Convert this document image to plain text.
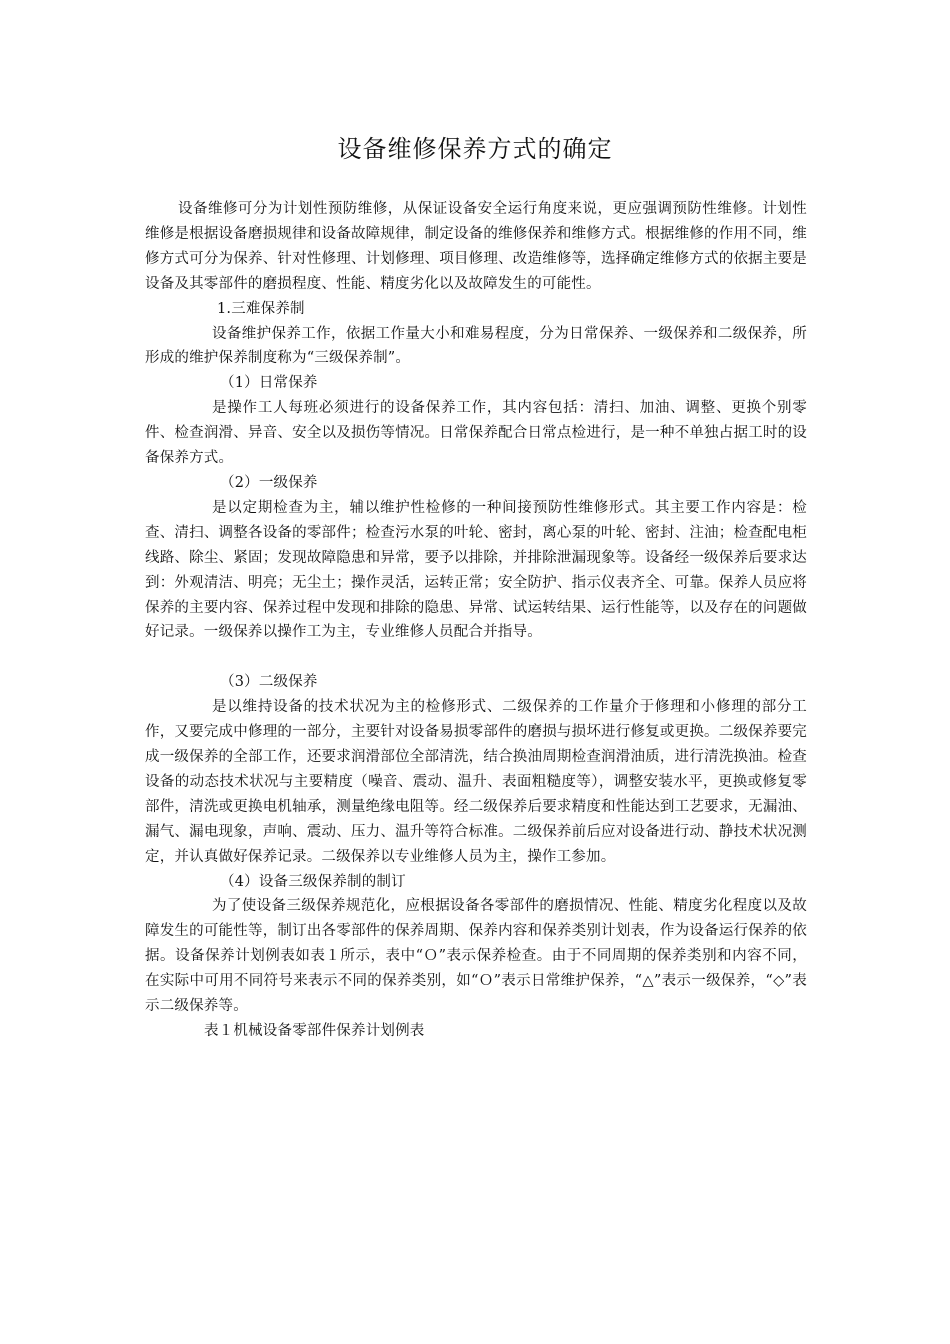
设备维修保养方式的确定

设备维修可分为计划性预防维修，从保证设备安全运行角度来说，更应强调预防性维修。计划性维修是根据设备磨损规律和设备故障规律，制定设备的维修保养和维修方式。根据维修的作用不同，维修方式可分为保养、针对性修理、计划修理、项目修理、改造维修等，选择确定维修方式的依据主要是设备及其零部件的磨损程度、性能、精度劣化以及故障发生的可能性。

1.三难保养制

设备维护保养工作，依据工作量大小和难易程度，分为日常保养、一级保养和二级保养，所形成的维护保养制度称为“三级保养制”。

（1）日常保养

是操作工人每班必须进行的设备保养工作，其内容包括：清扫、加油、调整、更换个别零件、检查润滑、异音、安全以及损伤等情况。日常保养配合日常点检进行，是一种不单独占据工时的设备保养方式。

（2）一级保养

是以定期检查为主，辅以维护性检修的一种间接预防性维修形式。其主要工作内容是：检查、清扫、调整各设备的零部件；检查污水泵的叶轮、密封，离心泵的叶轮、密封、注油；检查配电柜线路、除尘、紧固；发现故障隐患和异常，要予以排除，并排除泄漏现象等。设备经一级保养后要求达到：外观清洁、明亮；无尘土；操作灵活，运转正常；安全防护、指示仪表齐全、可靠。保养人员应将保养的主要内容、保养过程中发现和排除的隐患、异常、试运转结果、运行性能等，以及存在的问题做好记录。一级保养以操作工为主，专业维修人员配合并指导。

（3）二级保养

是以维持设备的技术状况为主的检修形式、二级保养的工作量介于修理和小修理的部分工作，又要完成中修理的一部分，主要针对设备易损零部件的磨损与损坏进行修复或更换。二级保养要完成一级保养的全部工作，还要求润滑部位全部清洗，结合换油周期检查润滑油质，进行清洗换油。检查设备的动态技术状况与主要精度（噪音、震动、温升、表面粗糙度等），调整安装水平，更换或修复零部件，清洗或更换电机轴承，测量绝缘电阻等。经二级保养后要求精度和性能达到工艺要求，无漏油、漏气、漏电现象，声响、震动、压力、温升等符合标准。二级保养前后应对设备进行动、静技术状况测定，并认真做好保养记录。二级保养以专业维修人员为主，操作工参加。

（4）设备三级保养制的制订

为了使设备三级保养规范化，应根据设备各零部件的磨损情况、性能、精度劣化程度以及故障发生的可能性等，制订出各零部件的保养周期、保养内容和保养类别计划表，作为设备运行保养的依据。设备保养计划例表如表１所示，表中“Ｏ”表示保养检查。由于不同周期的保养类别和内容不同，在实际中可用不同符号来表示不同的保养类别，如“Ｏ”表示日常维护保养，“△”表示一级保养，“◇”表示二级保养等。

表１机械设备零部件保养计划例表
